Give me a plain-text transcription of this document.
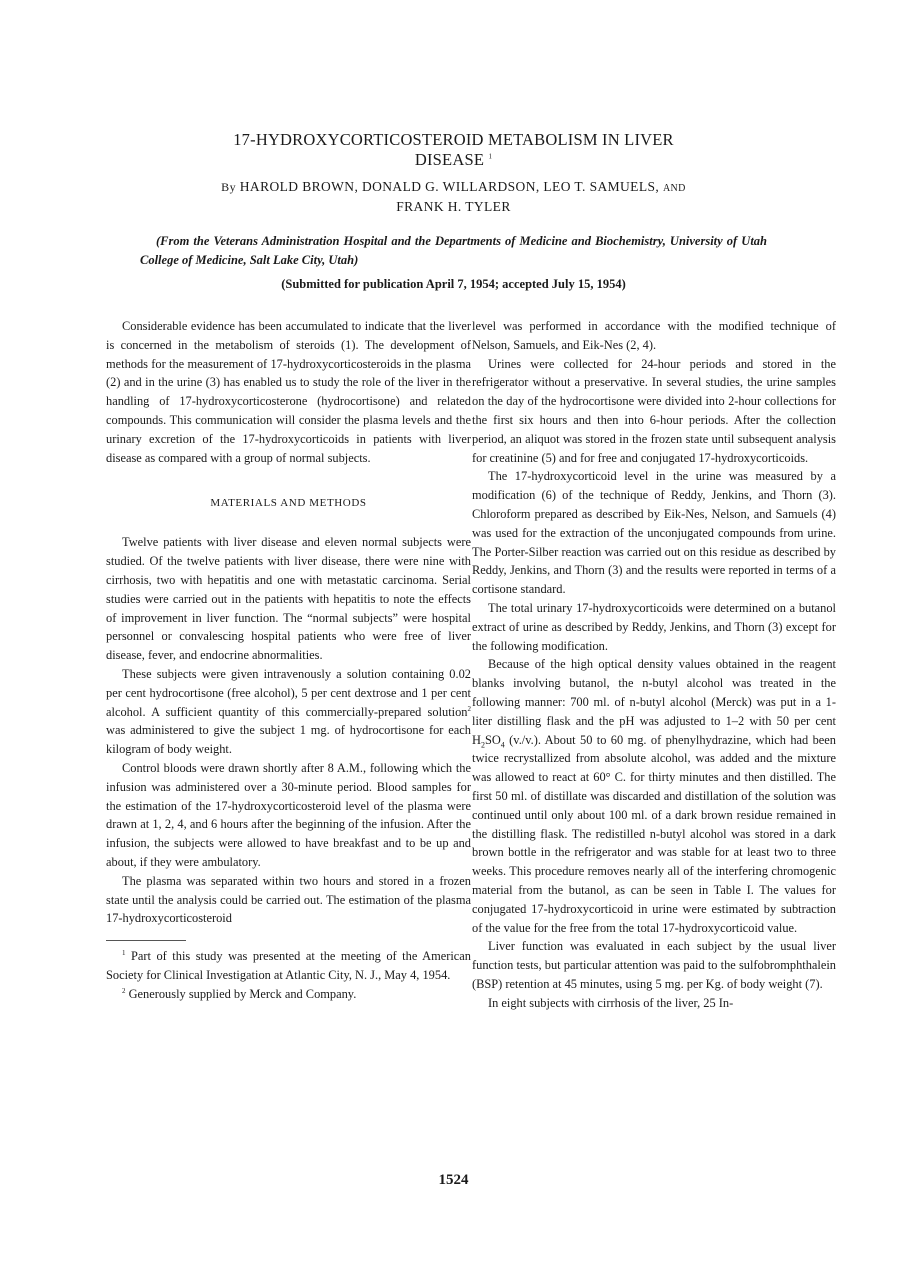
17-HYDROXYCORTICOSTEROID METABOLISM IN LIVER
DISEASE $^1$
By HAROLD BROWN, DONALD G. WILLARDSON, LEO T. SAMUELS, AND
FRANK H. TYLER
(From the Veterans Administration Hospital and the Departments of Medicine and Biochemistry, University of Utah College of Medicine, Salt Lake City, Utah)
(Submitted for publication April 7, 1954; accepted July 15, 1954)

Considerable evidence has been accumulated to indicate that the liver is concerned in the metabolism of steroids (1). The development of methods for the measurement of 17-hydroxycorticosteroids in the plasma (2) and in the urine (3) has enabled us to study the role of the liver in the handling of 17-hydroxycorticosterone (hydrocortisone) and related compounds. This communication will consider the plasma levels and the urinary excretion of the 17-hydroxycorticoids in patients with liver disease as compared with a group of normal subjects.

MATERIALS AND METHODS

Twelve patients with liver disease and eleven normal subjects were studied. Of the twelve patients with liver disease, there were nine with cirrhosis, two with hepatitis and one with metastatic carcinoma. Serial studies were carried out in the patients with hepatitis to note the effects of improvement in liver function. The “normal subjects” were hospital personnel or convalescing hospital patients who were free of liver disease, fever, and endocrine abnormalities.

These subjects were given intravenously a solution containing 0.02 per cent hydrocortisone (free alcohol), 5 per cent dextrose and 1 per cent alcohol. A sufficient quantity of this commercially-prepared solution$^2$ was administered to give the subject 1 mg. of hydrocortisone for each kilogram of body weight.

Control bloods were drawn shortly after 8 A.M., following which the infusion was administered over a 30-minute period. Blood samples for the estimation of the 17-hydroxycorticosteroid level of the plasma were drawn at 1, 2, 4, and 6 hours after the beginning of the infusion. After the infusion, the subjects were allowed to have breakfast and to be up and about, if they were ambulatory.

The plasma was separated within two hours and stored in a frozen state until the analysis could be carried out. The estimation of the plasma 17-hydroxycorticosteroid

$^1$ Part of this study was presented at the meeting of the American Society for Clinical Investigation at Atlantic City, N. J., May 4, 1954.

$^2$ Generously supplied by Merck and Company.

level was performed in accordance with the modified technique of Nelson, Samuels, and Eik-Nes (2, 4).

Urines were collected for 24-hour periods and stored in the refrigerator without a preservative. In several studies, the urine samples on the day of the hydrocortisone were divided into 2-hour collections for the first six hours and then into 6-hour periods. After the collection period, an aliquot was stored in the frozen state until subsequent analysis for creatinine (5) and for free and conjugated 17-hydroxycorticoids.

The 17-hydroxycorticoid level in the urine was measured by a modification (6) of the technique of Reddy, Jenkins, and Thorn (3). Chloroform prepared as described by Eik-Nes, Nelson, and Samuels (4) was used for the extraction of the unconjugated compounds from urine. The Porter-Silber reaction was carried out on this residue as described by Reddy, Jenkins, and Thorn (3) and the results were reported in terms of a cortisone standard.

The total urinary 17-hydroxycorticoids were determined on a butanol extract of urine as described by Reddy, Jenkins, and Thorn (3) except for the following modification.

Because of the high optical density values obtained in the reagent blanks involving butanol, the n-butyl alcohol was treated in the following manner: 700 ml. of n-butyl alcohol (Merck) was put in a 1-liter distilling flask and the pH was adjusted to 1–2 with 50 per cent $H_2SO_4$ (v./v.). About 50 to 60 mg. of phenylhydrazine, which had been twice recrystallized from absolute alcohol, was added and the mixture was allowed to react at 60° C. for thirty minutes and then distilled. The first 50 ml. of distillate was discarded and distillation of the solution was continued until only about 100 ml. of a dark brown residue remained in the distilling flask. The redistilled n-butyl alcohol was stored in a dark brown bottle in the refrigerator and was stable for at least two to three weeks. This procedure removes nearly all of the interfering chromogenic material from the butanol, as can be seen in Table I. The values for conjugated 17-hydroxycorticoid in urine were estimated by subtraction of the value for the free from the total 17-hydroxycorticoid value.

Liver function was evaluated in each subject by the usual liver function tests, but particular attention was paid to the sulfobromphthalein (BSP) retention at 45 minutes, using 5 mg. per Kg. of body weight (7).

In eight subjects with cirrhosis of the liver, 25 In-

1524
